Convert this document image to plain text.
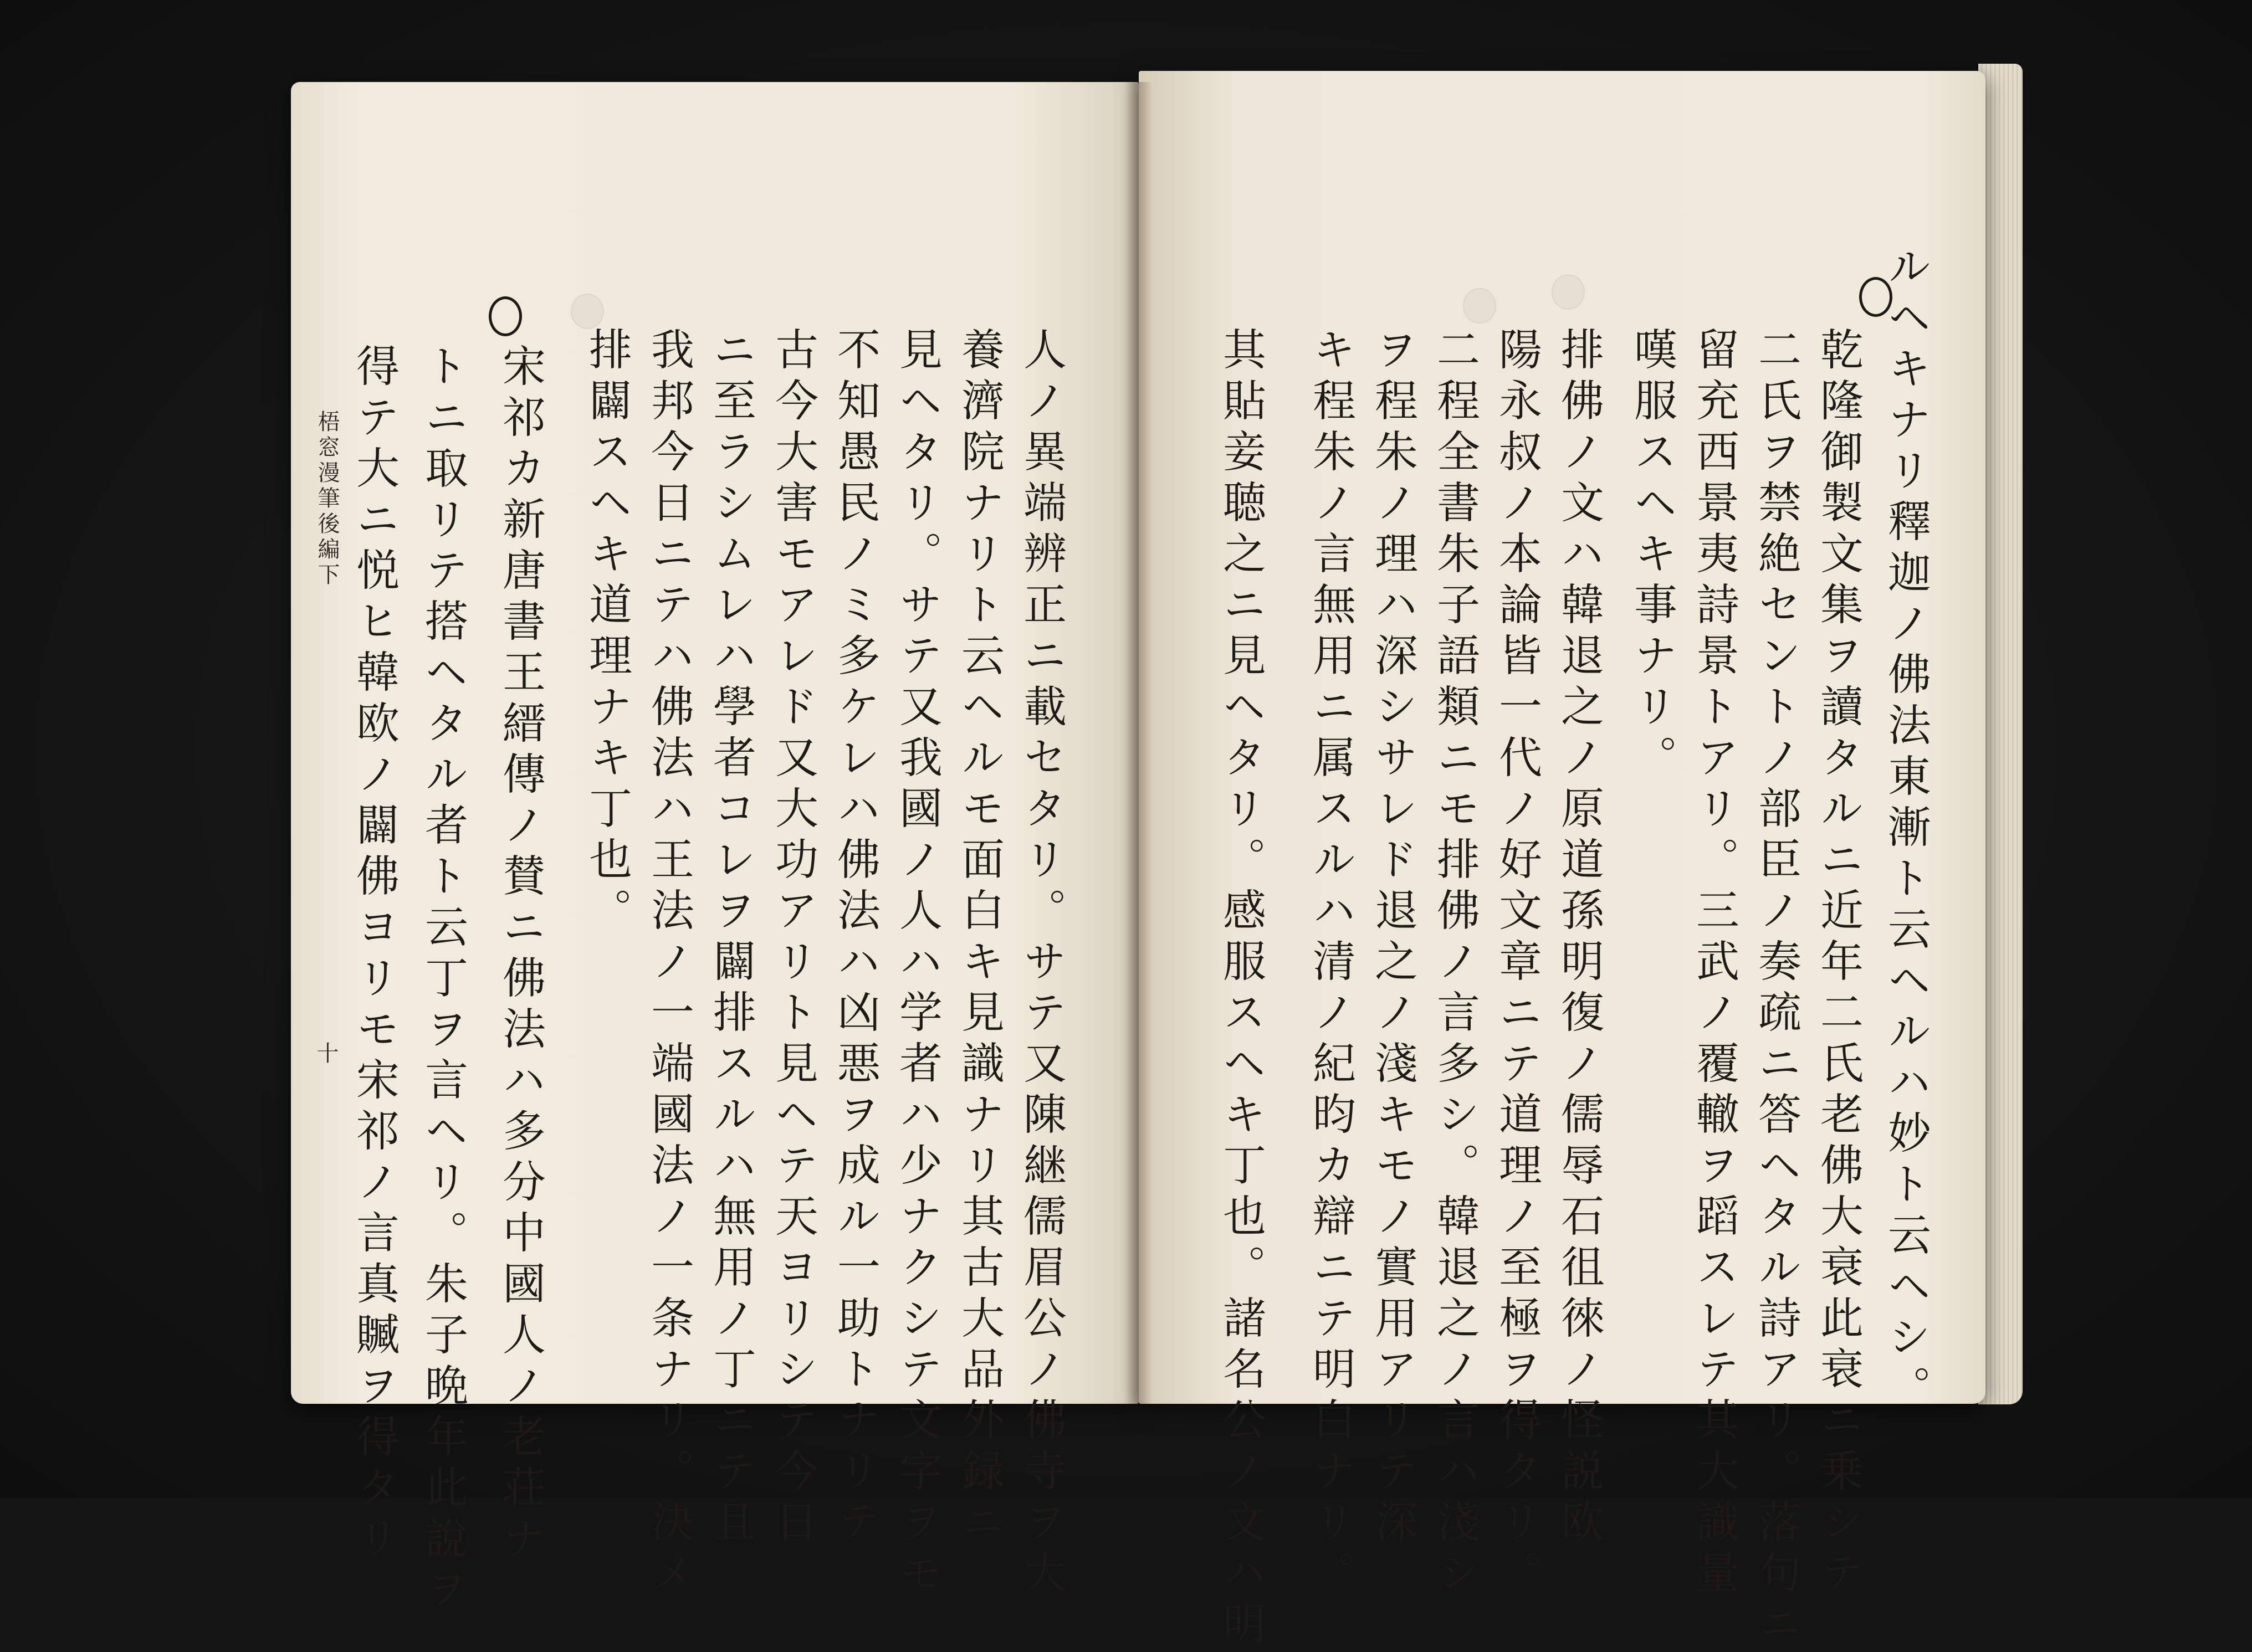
ルヘキナリ釋迦ノ佛法東漸ト云ヘルハ妙ト云ヘシ。
乾隆御製文集ヲ讀タルニ近年二氏老佛大衰此衰ニ乗シテ
二氏ヲ禁絶セントノ部臣ノ奏疏ニ答ヘタル詩アリ。落句ニ
留充西景夷詩景トアリ。三武ノ覆轍ヲ蹈スレテ其大識量
嘆服スヘキ事ナリ。
排佛ノ文ハ韓退之ノ原道孫明復ノ儒辱石徂徠ノ怪説欧
陽永叔ノ本論皆一代ノ好文章ニテ道理ノ至極ヲ得タリ。
二程全書朱子語類ニモ排佛ノ言多シ。韓退之ノ言ハ淺シ
ヲ程朱ノ理ハ深シサレド退之ノ淺キモノ實用アリテ深
キ程朱ノ言無用ニ属スルハ清ノ紀昀カ辯ニテ明白ナリ。
其貼妾聴之ニ見ヘタリ。感服スヘキ丁也。諸名公ノ文ハ明
人ノ異端辨正ニ載セタリ。サテ又陳継儒眉公ノ佛寺ヲ大
養濟院ナリト云ヘルモ面白キ見識ナリ其古大品外録ニ
見ヘタリ。サテ又我國ノ人ハ学者ハ少ナクシテ文字ヲモ
不知愚民ノミ多ケレハ佛法ハ凶悪ヲ成ル一助トナリテ
古今大害モアレド又大功アリト見ヘテ天ヨリシテ今日
ニ至ラシムレハ學者コレヲ闢排スルハ無用ノ丁ニテ且
我邦今日ニテハ佛法ハ王法ノ一端國法ノ一条ナリ。決メ
排闢スヘキ道理ナキ丁也。
宋祁カ新唐書王縉傳ノ賛ニ佛法ハ多分中國人ノ老荘ナ
トニ取リテ搭ヘタル者ト云丁ヲ言ヘリ。朱子晩年此說ヲ
得テ大ニ悦ヒ韓欧ノ闢佛ヨリモ宋祁ノ言真贓ヲ得タリ
梧窓漫筆後編下
十
